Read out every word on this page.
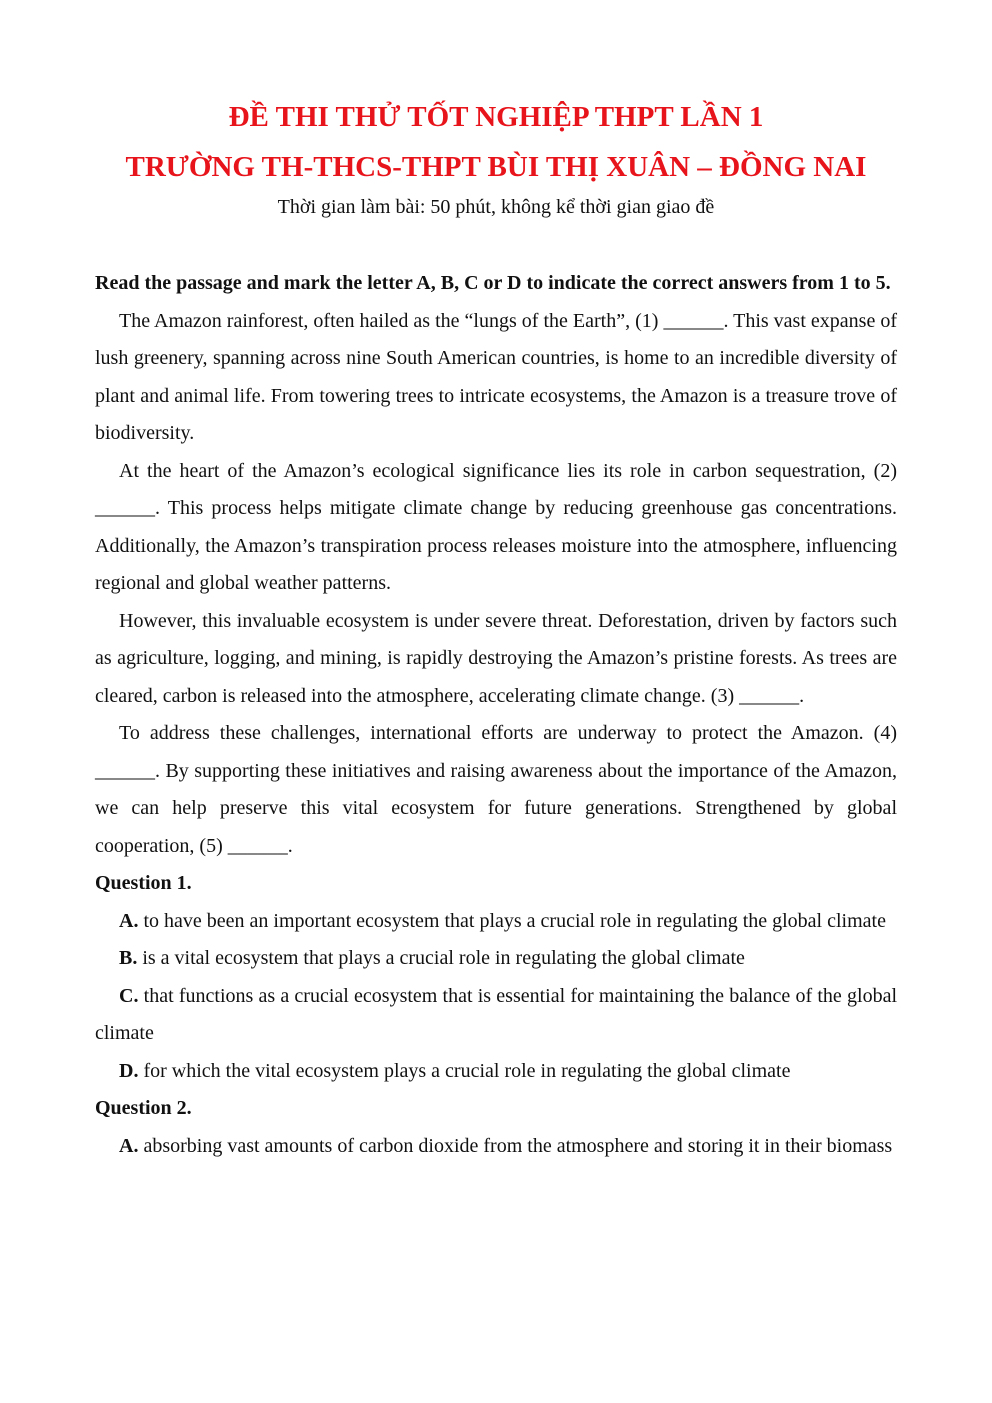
ĐỀ THI THỬ TỐT NGHIỆP THPT LẦN 1

TRƯỜNG TH-THCS-THPT BÙI THỊ XUÂN – ĐỒNG NAI

Thời gian làm bài: 50 phút, không kể thời gian giao đề

Read the passage and mark the letter A, B, C or D to indicate the correct answers from 1 to 5.

The Amazon rainforest, often hailed as the “lungs of the Earth”, (1) ______. This vast expanse of lush greenery, spanning across nine South American countries, is home to an incredible diversity of plant and animal life. From towering trees to intricate ecosystems, the Amazon is a treasure trove of biodiversity.

At the heart of the Amazon’s ecological significance lies its role in carbon sequestration, (2) ______. This process helps mitigate climate change by reducing greenhouse gas concentrations. Additionally, the Amazon’s transpiration process releases moisture into the atmosphere, influencing regional and global weather patterns.

However, this invaluable ecosystem is under severe threat. Deforestation, driven by factors such as agriculture, logging, and mining, is rapidly destroying the Amazon’s pristine forests. As trees are cleared, carbon is released into the atmosphere, accelerating climate change. (3) ______.

To address these challenges, international efforts are underway to protect the Amazon. (4) ______. By supporting these initiatives and raising awareness about the importance of the Amazon, we can help preserve this vital ecosystem for future generations. Strengthened by global cooperation, (5) ______.

Question 1.

A. to have been an important ecosystem that plays a crucial role in regulating the global climate

B. is a vital ecosystem that plays a crucial role in regulating the global climate

C. that functions as a crucial ecosystem that is essential for maintaining the balance of the global climate

D. for which the vital ecosystem plays a crucial role in regulating the global climate

Question 2.

A. absorbing vast amounts of carbon dioxide from the atmosphere and storing it in their biomass
